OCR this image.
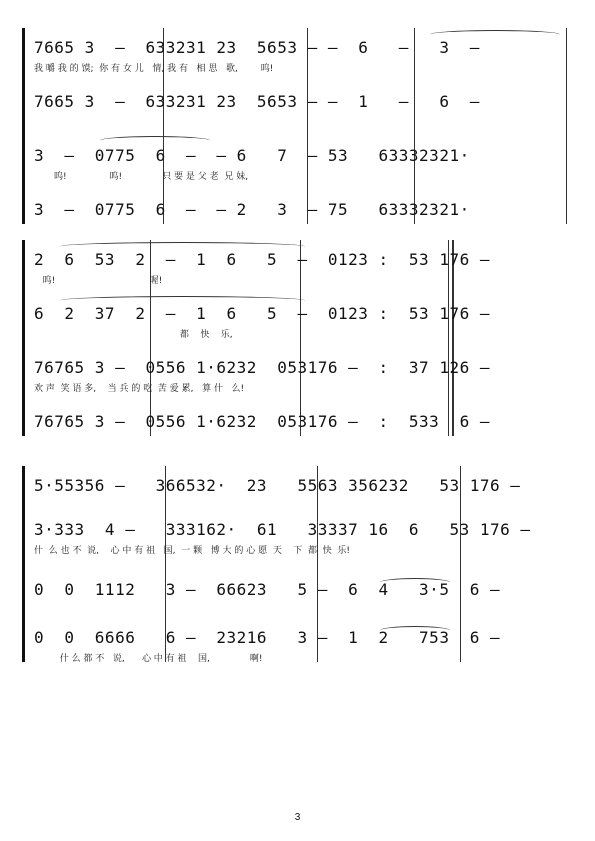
7665 3  —  633231 23  5653 — —  6   —   3  —
我 嚼 我 的 馍;  你 有 女 儿   情, 我 有   相 思   歌,        呜!
7665 3  —  633231 23  5653 — —  1   —   6  —
3  —  0775  6  —  — 6   7  — 53   63332321·
呜!               呜!              只 要 是 父 老  兄 妹,
3  —  0775  6  —  — 2   3  — 75   63332321·
2  6  53  2  —  1  6   5  —  0123 :  53 176 —
呜!                                 喔!
6  2  37  2  —  1  6   5  —  0123 :  53 176 —
都    快    乐,
76765 3 —  0556 1·6232  053176 —  :  37 126 —
欢 声  笑 语 多,    当 兵 的 吃  苦 爱 累,   算 什   么!
76765 3 —  0556 1·6232  053176 —  :  533  6 —
5·55356 —   366532·  23   5563 356232   53 176 —
3·333  4 —   333162·  61   33337 16  6   53 176 —
什  么 也 不  说,    心 中 有 祖   国,  一 颗   博 大 的 心 愿  天    下  都  快  乐!
0  0  1112   3 —  66623   5 —  6  4   3·5  6 —
0  0  6666   6 —  23216   3 —  1  2   753  6 —
什 么 都 不   说,      心 中 有 祖    国,              啊!
3
